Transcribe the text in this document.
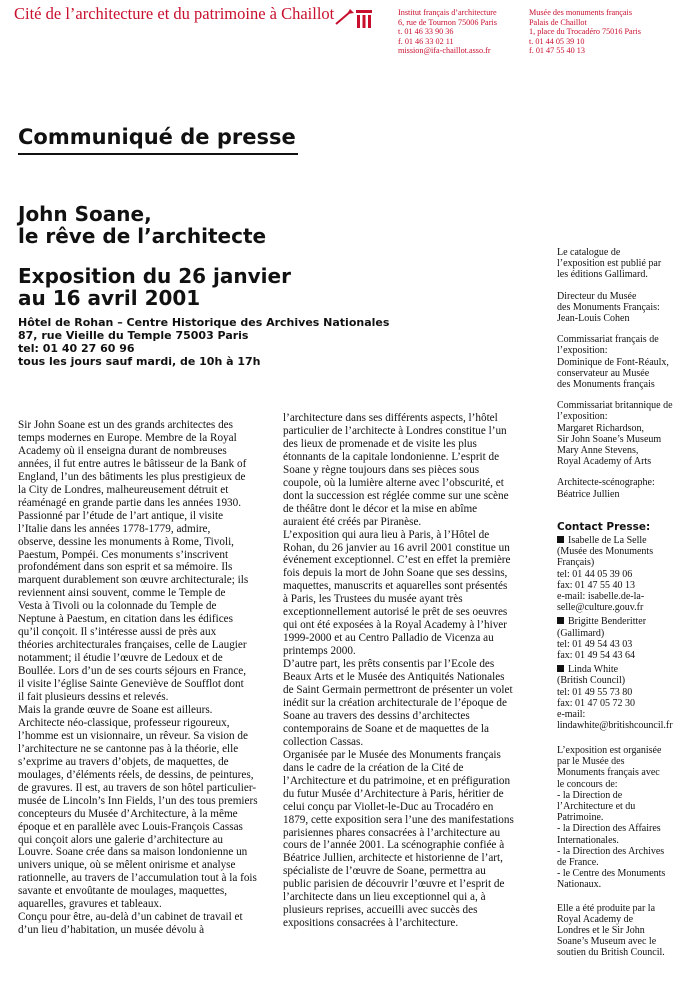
Cité de l’architecture et du patrimoine à Chaillot	Institut français d’architecture
6, rue de Tournon 75006 Paris
t. 01 46 33 90 36
f. 01 46 33 02 11
mission@ifa-chaillot.asso.fr
Musée des monuments français
Palais de Chaillot
1, place du Trocadéro 75016 Paris
t. 01 44 05 39 10
f. 01 47 55 40 13
Communiqué de presse
John Soane,
le rêve de l’architecte
Exposition du 26 janvier
au 16 avril 2001
Hôtel de Rohan – Centre Historique des Archives Nationales
87, rue Vieille du Temple 75003 Paris
tel: 01 40 27 60 96
tous les jours sauf mardi, de 10h à 17h
Sir John Soane est un des grands architectes des
temps modernes en Europe. Membre de la Royal
Academy où il enseigna durant de nombreuses
années, il fut entre autres le bâtisseur de la Bank of
England, l’un des bâtiments les plus prestigieux de
la City de Londres, malheureusement détruit et
réaménagé en grande partie dans les années 1930.
Passionné par l’étude de l’art antique, il visite
l’Italie dans les années 1778-1779, admire,
observe, dessine les monuments à Rome, Tivoli,
Paestum, Pompéi. Ces monuments s’inscrivent
profondément dans son esprit et sa mémoire. Ils
marquent durablement son œuvre architecturale; ils
reviennent ainsi souvent, comme le Temple de
Vesta à Tivoli ou la colonnade du Temple de
Neptune à Paestum, en citation dans les édifices
qu’il conçoit. Il s’intéresse aussi de près aux
théories architecturales françaises, celle de Laugier
notamment; il étudie l’œuvre de Ledoux et de
Boullée. Lors d’un de ses courts séjours en France,
il visite l’église Sainte Geneviève de Soufflot dont
il fait plusieurs dessins et relevés.
Mais la grande œuvre de Soane est ailleurs.
Architecte néo-classique, professeur rigoureux,
l’homme est un visionnaire, un rêveur. Sa vision de
l’architecture ne se cantonne pas à la théorie, elle
s’exprime au travers d’objets, de maquettes, de
moulages, d’éléments réels, de dessins, de peintures,
de gravures. Il est, au travers de son hôtel particulier-
musée de Lincoln’s Inn Fields, l’un des tous premiers
concepteurs du Musée d’Architecture, à la même
époque et en parallèle avec Louis-François Cassas
qui conçoit alors une galerie d’architecture au
Louvre. Soane crée dans sa maison londonienne un
univers unique, où se mêlent onirisme et analyse
rationnelle, au travers de l’accumulation tout à la fois
savante et envoûtante de moulages, maquettes,
aquarelles, gravures et tableaux.
Conçu pour être, au-delà d’un cabinet de travail et
d’un lieu d’habitation, un musée dévolu à
l’architecture dans ses différents aspects, l’hôtel
particulier de l’architecte à Londres constitue l’un
des lieux de promenade et de visite les plus
étonnants de la capitale londonienne. L’esprit de
Soane y règne toujours dans ses pièces sous
coupole, où la lumière alterne avec l’obscurité, et
dont la succession est réglée comme sur une scène
de théâtre dont le décor et la mise en abîme
auraient été créés par Piranèse.
L’exposition qui aura lieu à Paris, à l’Hôtel de
Rohan, du 26 janvier au 16 avril 2001 constitue un
événement exceptionnel. C’est en effet la première
fois depuis la mort de John Soane que ses dessins,
maquettes, manuscrits et aquarelles sont présentés
à Paris, les Trustees du musée ayant très
exceptionnellement autorisé le prêt de ses oeuvres
qui ont été exposées à la Royal Academy à l’hiver
1999-2000 et au Centro Palladio de Vicenza au
printemps 2000.
D’autre part, les prêts consentis par l’Ecole des
Beaux Arts et le Musée des Antiquités Nationales
de Saint Germain permettront de présenter un volet
inédit sur la création architecturale de l’époque de
Soane au travers des dessins d’architectes
contemporains de Soane et de maquettes de la
collection Cassas.
Organisée par le Musée des Monuments français
dans le cadre de la création de la Cité de
l’Architecture et du patrimoine, et en préfiguration
du futur Musée d’Architecture à Paris, héritier de
celui conçu par Viollet-le-Duc au Trocadéro en
1879, cette exposition sera l’une des manifestations
parisiennes phares consacrées à l’architecture au
cours de l’année 2001. La scénographie confiée à
Béatrice Jullien, architecte et historienne de l’art,
spécialiste de l’œuvre de Soane, permettra au
public parisien de découvrir l’œuvre et l’esprit de
l’architecte dans un lieu exceptionnel qui a, à
plusieurs reprises, accueilli avec succès des
expositions consacrées à l’architecture.
Le catalogue de
l’exposition est publié par
les éditions Gallimard.
Directeur du Musée
des Monuments Français:
Jean-Louis Cohen
Commissariat français de
l’exposition:
Dominique de Font-Réaulx,
conservateur au Musée
des Monuments français
Commissariat britannique de
l’exposition:
Margaret Richardson,
Sir John Soane’s Museum
Mary Anne Stevens,
Royal Academy of Arts
Architecte-scénographe:
Béatrice Jullien
Contact Presse:
Isabelle de La Selle
(Musée des Monuments
Français)
tel: 01 44 05 39 06
fax: 01 47 55 40 13
e-mail: isabelle.de-la-
selle@culture.gouv.fr
Brigitte Benderitter
(Gallimard)
tel: 01 49 54 43 03
fax: 01 49 54 43 64
Linda White
(British Council)
tel: 01 49 55 73 80
fax: 01 47 05 72 30
e-mail:
lindawhite@britishcouncil.fr
L’exposition est organisée
par le Musée des
Monuments français avec
le concours de:
- la Direction de
l’Architecture et du
Patrimoine.
- la Direction des Affaires
Internationales.
- la Direction des Archives
de France.
- le Centre des Monuments
Nationaux.
Elle a été produite par la
Royal Academy de
Londres et le Sir John
Soane’s Museum avec le
soutien du British Council.
